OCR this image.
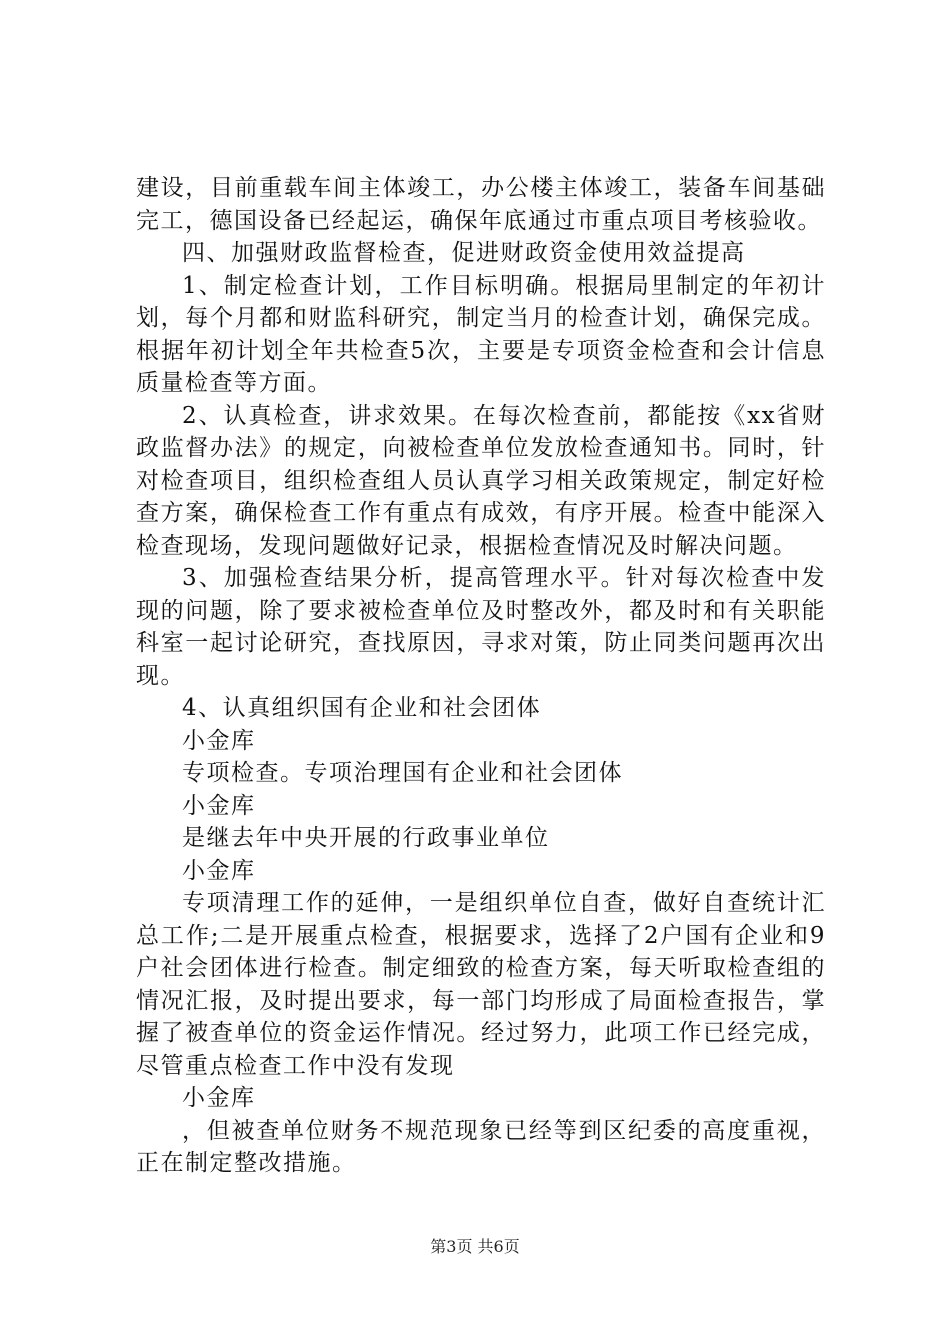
建设，目前重载车间主体竣工，办公楼主体竣工，装备车间基础完工，德国设备已经起运，确保年底通过市重点项目考核验收。

四、加强财政监督检查，促进财政资金使用效益提高

1、制定检查计划，工作目标明确。根据局里制定的年初计划，每个月都和财监科研究，制定当月的检查计划，确保完成。根据年初计划全年共检查5次，主要是专项资金检查和会计信息质量检查等方面。

2、认真检查，讲求效果。在每次检查前，都能按《xx省财政监督办法》的规定，向被检查单位发放检查通知书。同时，针对检查项目，组织检查组人员认真学习相关政策规定，制定好检查方案，确保检查工作有重点有成效，有序开展。检查中能深入检查现场，发现问题做好记录，根据检查情况及时解决问题。

3、加强检查结果分析，提高管理水平。针对每次检查中发现的问题，除了要求被检查单位及时整改外，都及时和有关职能科室一起讨论研究，查找原因，寻求对策，防止同类问题再次出现。

4、认真组织国有企业和社会团体

小金库

专项检查。专项治理国有企业和社会团体

小金库

是继去年中央开展的行政事业单位

小金库

专项清理工作的延伸，一是组织单位自查，做好自查统计汇总工作;二是开展重点检查，根据要求，选择了2户国有企业和9户社会团体进行检查。制定细致的检查方案，每天听取检查组的情况汇报，及时提出要求，每一部门均形成了局面检查报告，掌握了被查单位的资金运作情况。经过努力，此项工作已经完成，尽管重点检查工作中没有发现

小金库

，但被查单位财务不规范现象已经等到区纪委的高度重视，正在制定整改措施。

第3页 共6页
